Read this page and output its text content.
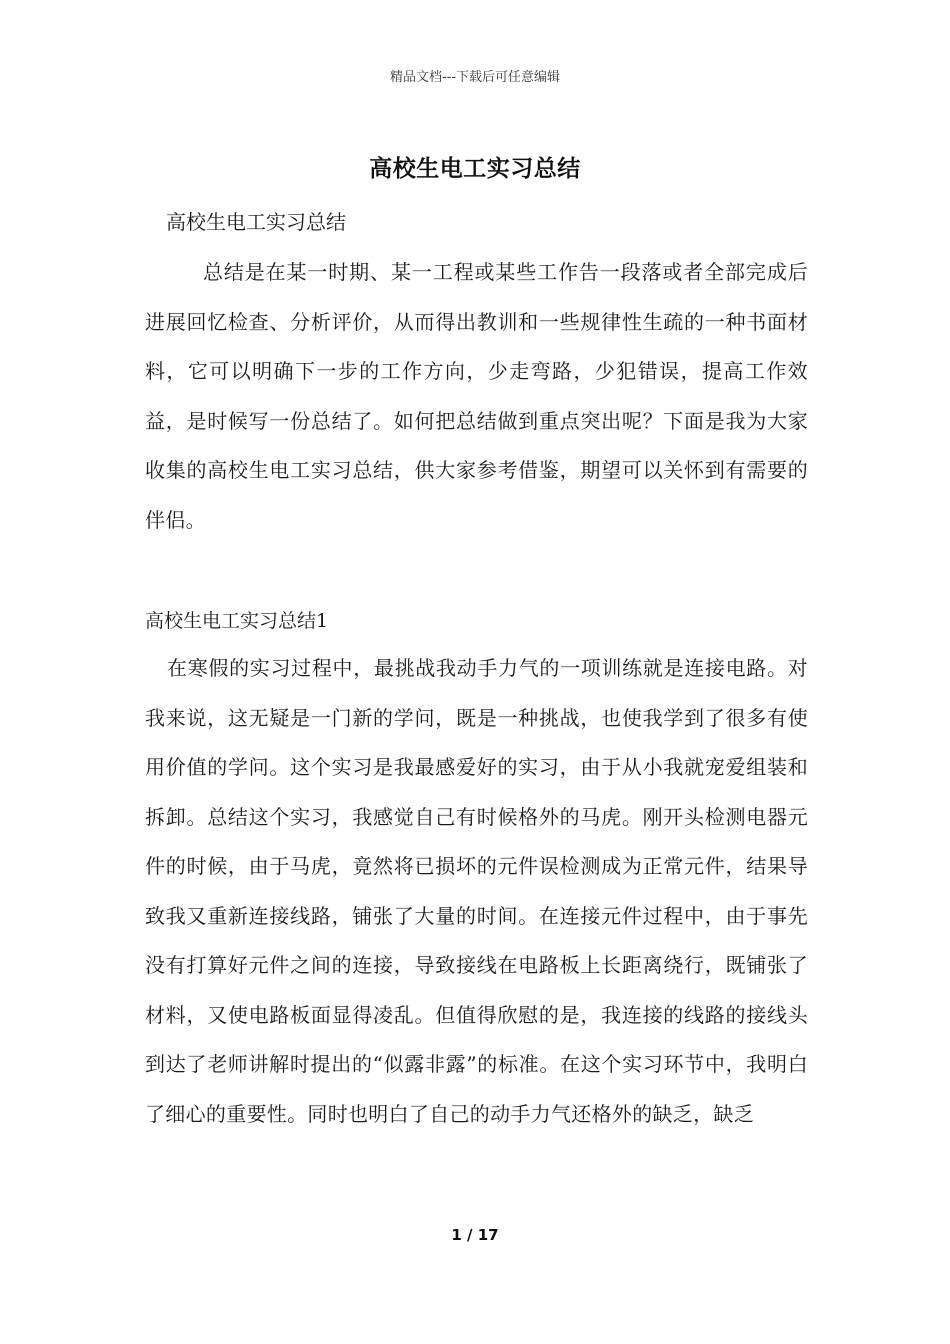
精品文档---下载后可任意编辑
高校生电工实习总结
高校生电工实习总结
总结是在某一时期、某一工程或某些工作告一段落或者全部完成后进展回忆检查、分析评价，从而得出教训和一些规律性生疏的一种书面材料，它可以明确下一步的工作方向，少走弯路，少犯错误，提高工作效益，是时候写一份总结了。如何把总结做到重点突出呢？下面是我为大家收集的高校生电工实习总结，供大家参考借鉴，期望可以关怀到有需要的伴侣。
高校生电工实习总结1
在寒假的实习过程中，最挑战我动手力气的一项训练就是连接电路。对我来说，这无疑是一门新的学问，既是一种挑战，也使我学到了很多有使用价值的学问。这个实习是我最感爱好的实习，由于从小我就宠爱组装和拆卸。总结这个实习，我感觉自己有时候格外的马虎。刚开头检测电器元件的时候，由于马虎，竟然将已损坏的元件误检测成为正常元件，结果导致我又重新连接线路，铺张了大量的时间。在连接元件过程中，由于事先没有打算好元件之间的连接，导致接线在电路板上长距离绕行，既铺张了材料，又使电路板面显得凌乱。但值得欣慰的是，我连接的线路的接线头到达了老师讲解时提出的“似露非露”的标准。在这个实习环节中，我明白了细心的重要性。同时也明白了自己的动手力气还格外的缺乏，缺乏
1 / 17
